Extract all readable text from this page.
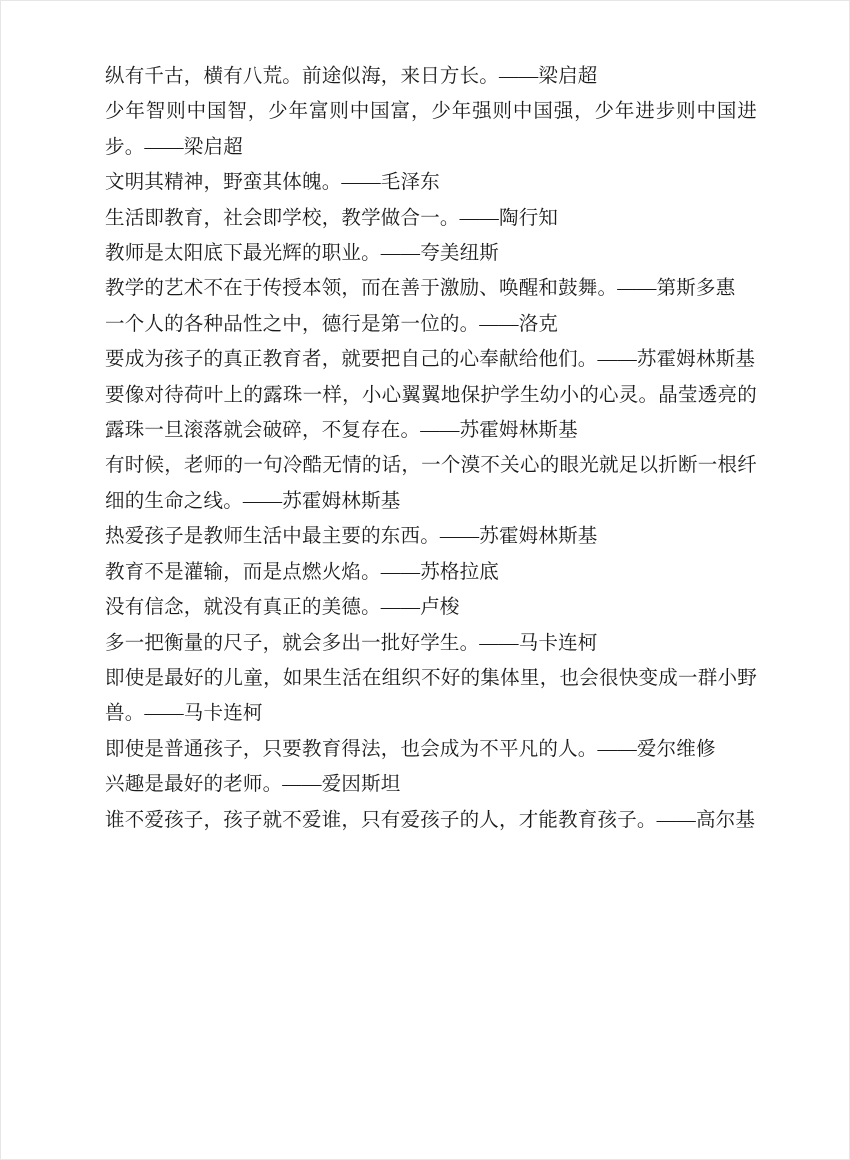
纵有千古，横有八荒。前途似海，来日方长。——梁启超

少年智则中国智，少年富则中国富，少年强则中国强，少年进步则中国进步。——梁启超

文明其精神，野蛮其体魄。——毛泽东

生活即教育，社会即学校，教学做合一。——陶行知

教师是太阳底下最光辉的职业。——夸美纽斯

教学的艺术不在于传授本领，而在善于激励、唤醒和鼓舞。——第斯多惠

一个人的各种品性之中，德行是第一位的。——洛克

要成为孩子的真正教育者，就要把自己的心奉献给他们。——苏霍姆林斯基

要像对待荷叶上的露珠一样，小心翼翼地保护学生幼小的心灵。晶莹透亮的露珠一旦滚落就会破碎，不复存在。——苏霍姆林斯基

有时候，老师的一句冷酷无情的话，一个漠不关心的眼光就足以折断一根纤细的生命之线。——苏霍姆林斯基

热爱孩子是教师生活中最主要的东西。——苏霍姆林斯基

教育不是灌输，而是点燃火焰。——苏格拉底

没有信念，就没有真正的美德。——卢梭

多一把衡量的尺子，就会多出一批好学生。——马卡连柯

即使是最好的儿童，如果生活在组织不好的集体里，也会很快变成一群小野兽。——马卡连柯

即使是普通孩子，只要教育得法，也会成为不平凡的人。——爱尔维修

兴趣是最好的老师。——爱因斯坦

谁不爱孩子，孩子就不爱谁，只有爱孩子的人，才能教育孩子。——高尔基
